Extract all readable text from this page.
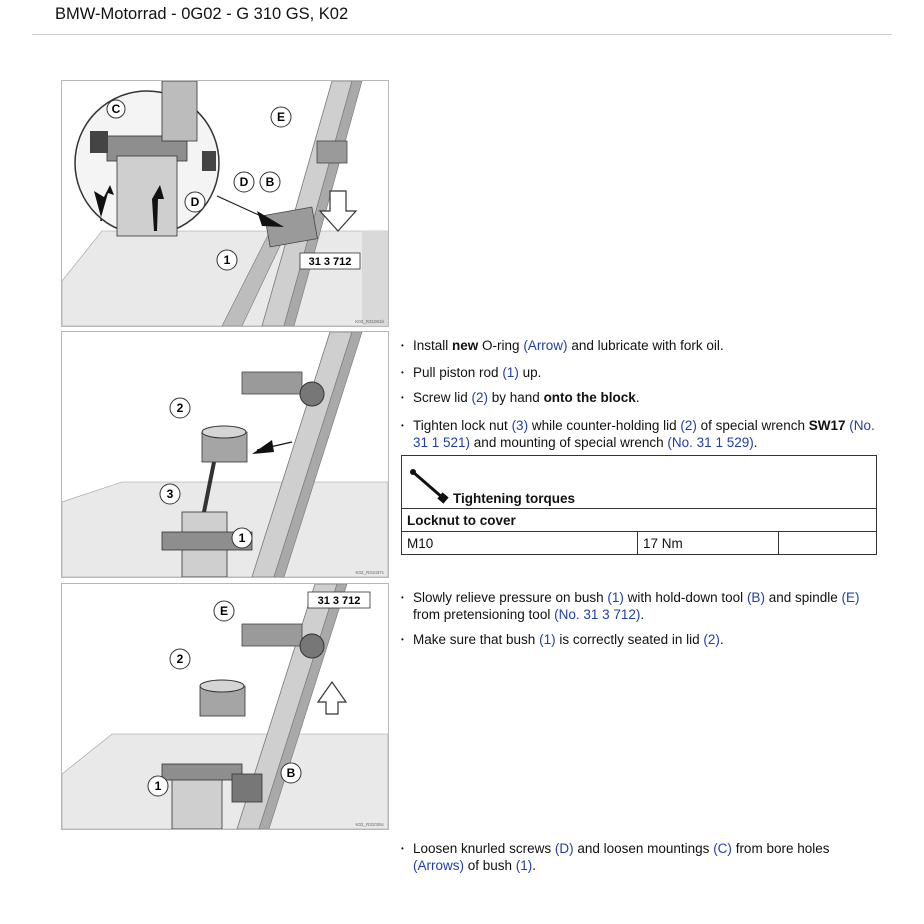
BMW-Motorrad - 0G02 - G 310 GS, K02
C
E
D B
D
1	31 3 712
K02_R31061b
2
3
1
K02_R31037c
E
2
1
B
31 3 712
K02_R31026c
• Install new O-ring (Arrow) and lubricate with fork oil.
• Pull piston rod (1) up.
• Screw lid (2) by hand onto the block.
• Tighten lock nut (3) while counter-holding lid (2) of special wrench SW17 (No. 31 1 521) and mounting of special wrench (No. 31 1 529).
Tightening torques
Locknut to cover
M10	17 Nm	
• Slowly relieve pressure on bush (1) with hold-down tool (B) and spindle (E) from pretensioning tool (No. 31 3 712).
• Make sure that bush (1) is correctly seated in lid (2).
• Loosen knurled screws (D) and loosen mountings (C) from bore holes (Arrows) of bush (1).
